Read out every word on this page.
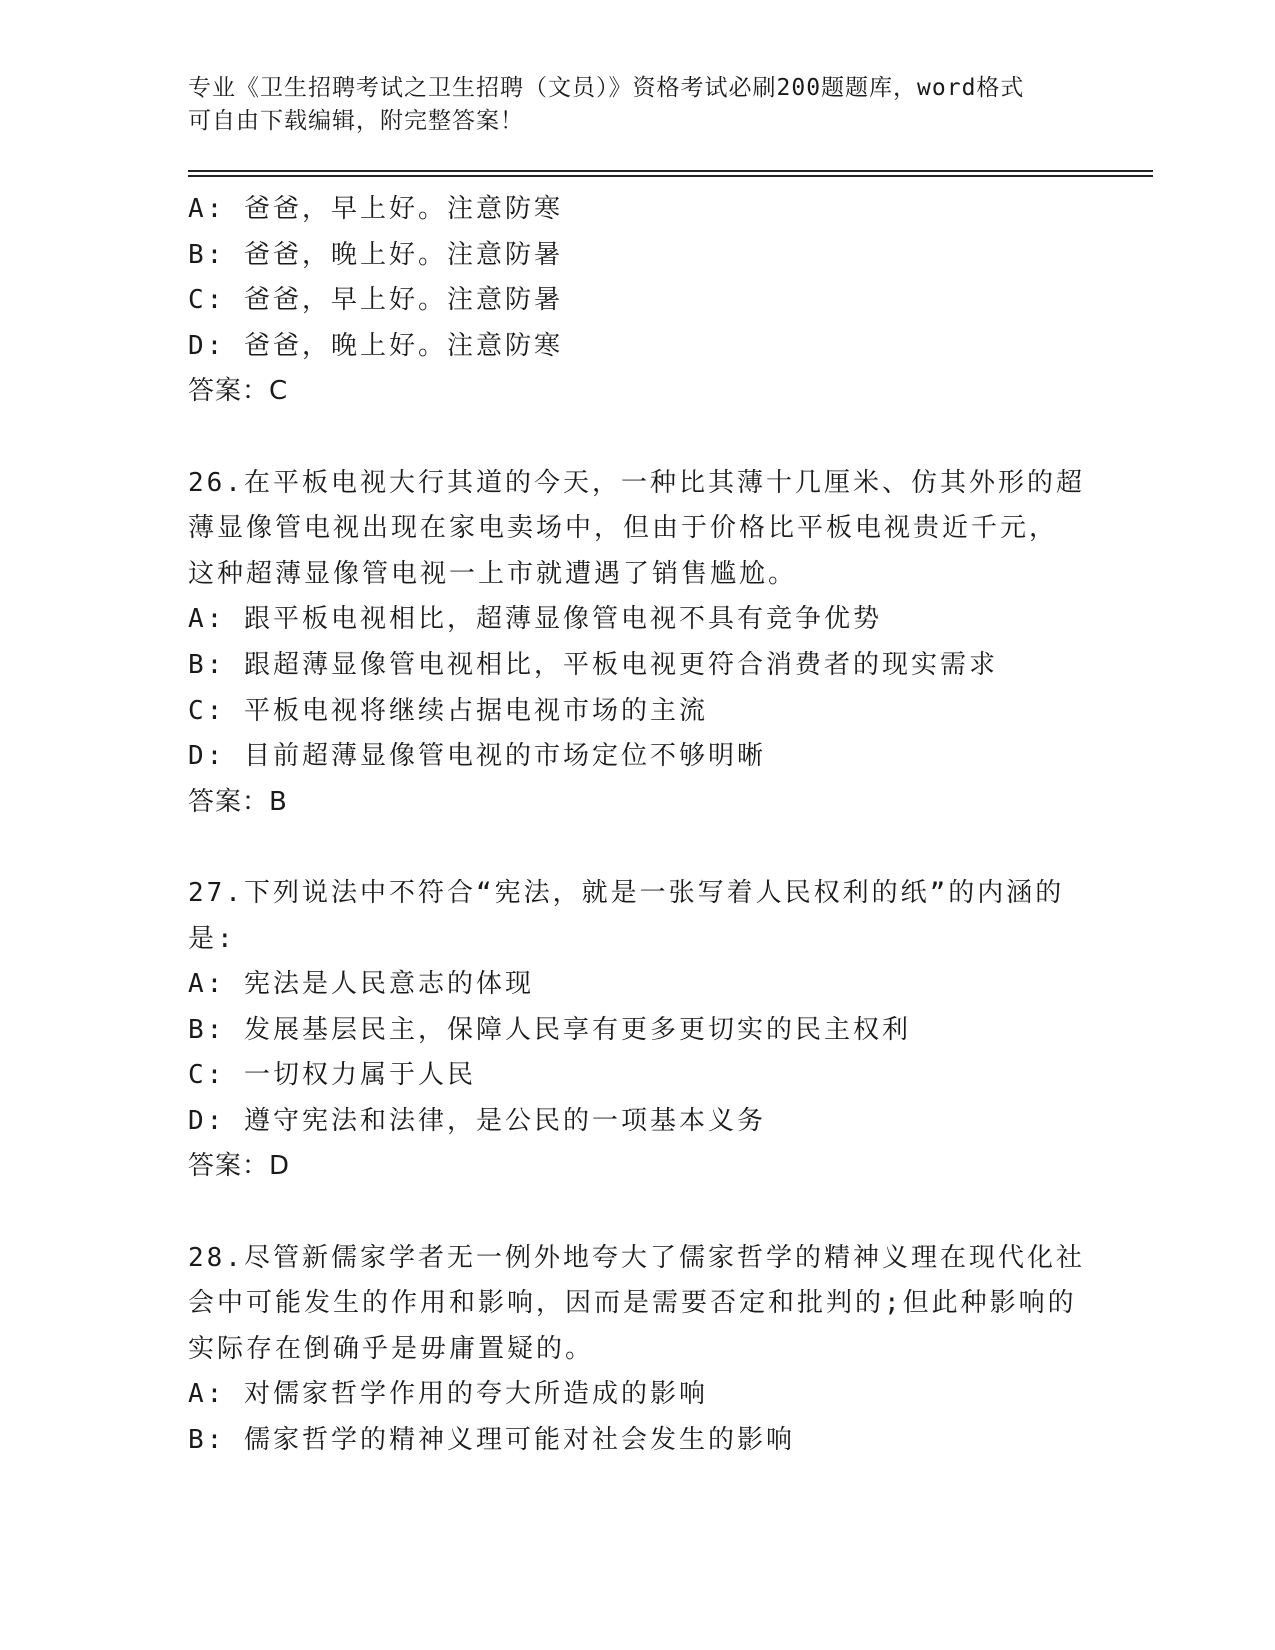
专业《卫生招聘考试之卫生招聘（文员）》资格考试必刷200题题库，word格式
可自由下载编辑，附完整答案！
A: 爸爸，早上好。注意防寒
B: 爸爸，晚上好。注意防暑
C: 爸爸，早上好。注意防暑
D: 爸爸，晚上好。注意防寒
答案：C
26.在平板电视大行其道的今天，一种比其薄十几厘米、仿其外形的超
薄显像管电视出现在家电卖场中，但由于价格比平板电视贵近千元，
这种超薄显像管电视一上市就遭遇了销售尴尬。
A: 跟平板电视相比，超薄显像管电视不具有竞争优势
B: 跟超薄显像管电视相比，平板电视更符合消费者的现实需求
C: 平板电视将继续占据电视市场的主流
D: 目前超薄显像管电视的市场定位不够明晰
答案：B
27.下列说法中不符合“宪法，就是一张写着人民权利的纸”的内涵的
是:
A: 宪法是人民意志的体现
B: 发展基层民主，保障人民享有更多更切实的民主权利
C: 一切权力属于人民
D: 遵守宪法和法律，是公民的一项基本义务
答案：D
28.尽管新儒家学者无一例外地夸大了儒家哲学的精神义理在现代化社
会中可能发生的作用和影响，因而是需要否定和批判的;但此种影响的
实际存在倒确乎是毋庸置疑的。
A: 对儒家哲学作用的夸大所造成的影响
B: 儒家哲学的精神义理可能对社会发生的影响
